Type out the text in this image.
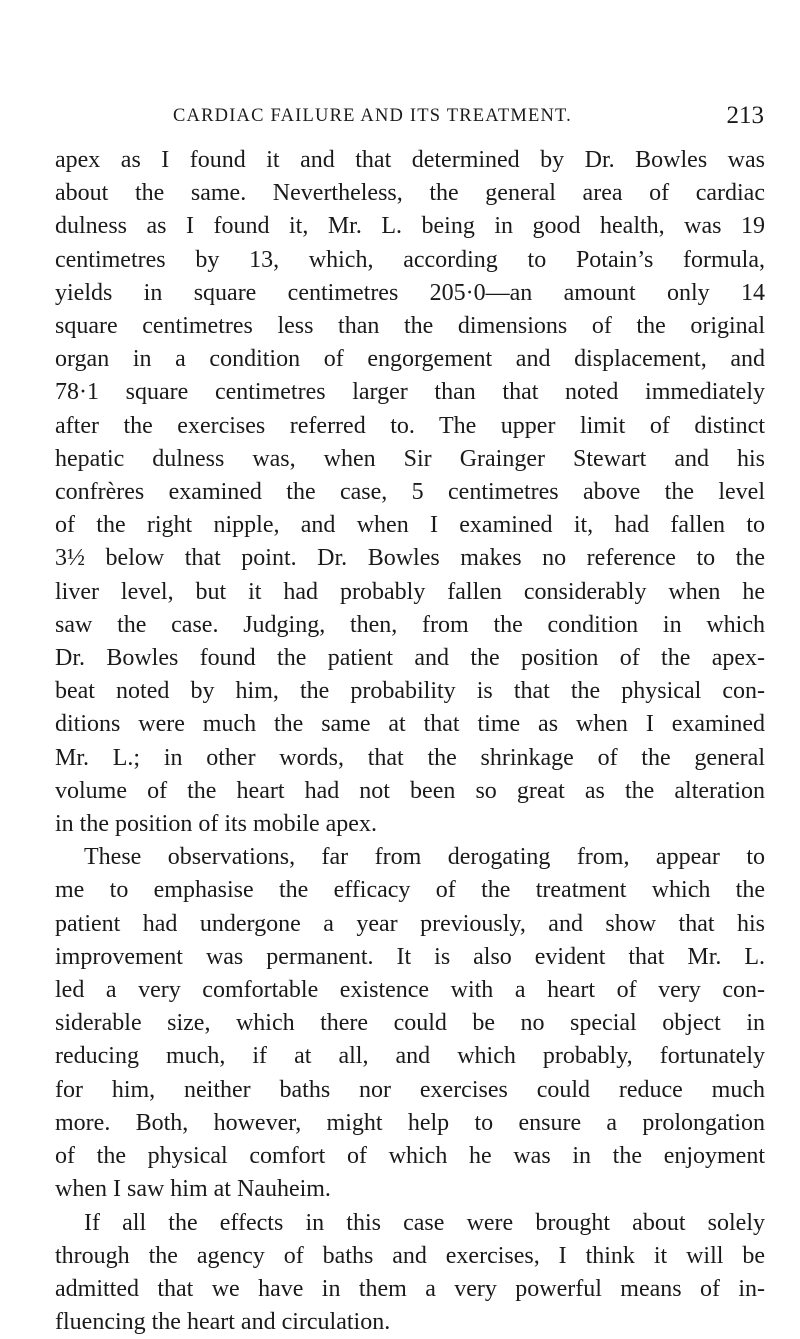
CARDIAC FAILURE AND ITS TREATMENT.	213
apex as I found it and that determined by Dr. Bowles was
about the same. Nevertheless, the general area of cardiac
dulness as I found it, Mr. L. being in good health, was 19
centimetres by 13, which, according to Potain’s formula,
yields in square centimetres 205·0—an amount only 14
square centimetres less than the dimensions of the original
organ in a condition of engorgement and displacement, and
78·1 square centimetres larger than that noted immediately
after the exercises referred to. The upper limit of distinct
hepatic dulness was, when Sir Grainger Stewart and his
confrères examined the case, 5 centimetres above the level
of the right nipple, and when I examined it, had fallen to
3½ below that point. Dr. Bowles makes no reference to the
liver level, but it had probably fallen considerably when he
saw the case. Judging, then, from the condition in which
Dr. Bowles found the patient and the position of the apex-
beat noted by him, the probability is that the physical con-
ditions were much the same at that time as when I examined
Mr. L.; in other words, that the shrinkage of the general
volume of the heart had not been so great as the alteration
in the position of its mobile apex.
These observations, far from derogating from, appear to
me to emphasise the efficacy of the treatment which the
patient had undergone a year previously, and show that his
improvement was permanent. It is also evident that Mr. L.
led a very comfortable existence with a heart of very con-
siderable size, which there could be no special object in
reducing much, if at all, and which probably, fortunately
for him, neither baths nor exercises could reduce much
more. Both, however, might help to ensure a prolongation
of the physical comfort of which he was in the enjoyment
when I saw him at Nauheim.
If all the effects in this case were brought about solely
through the agency of baths and exercises, I think it will be
admitted that we have in them a very powerful means of in-
fluencing the heart and circulation.
